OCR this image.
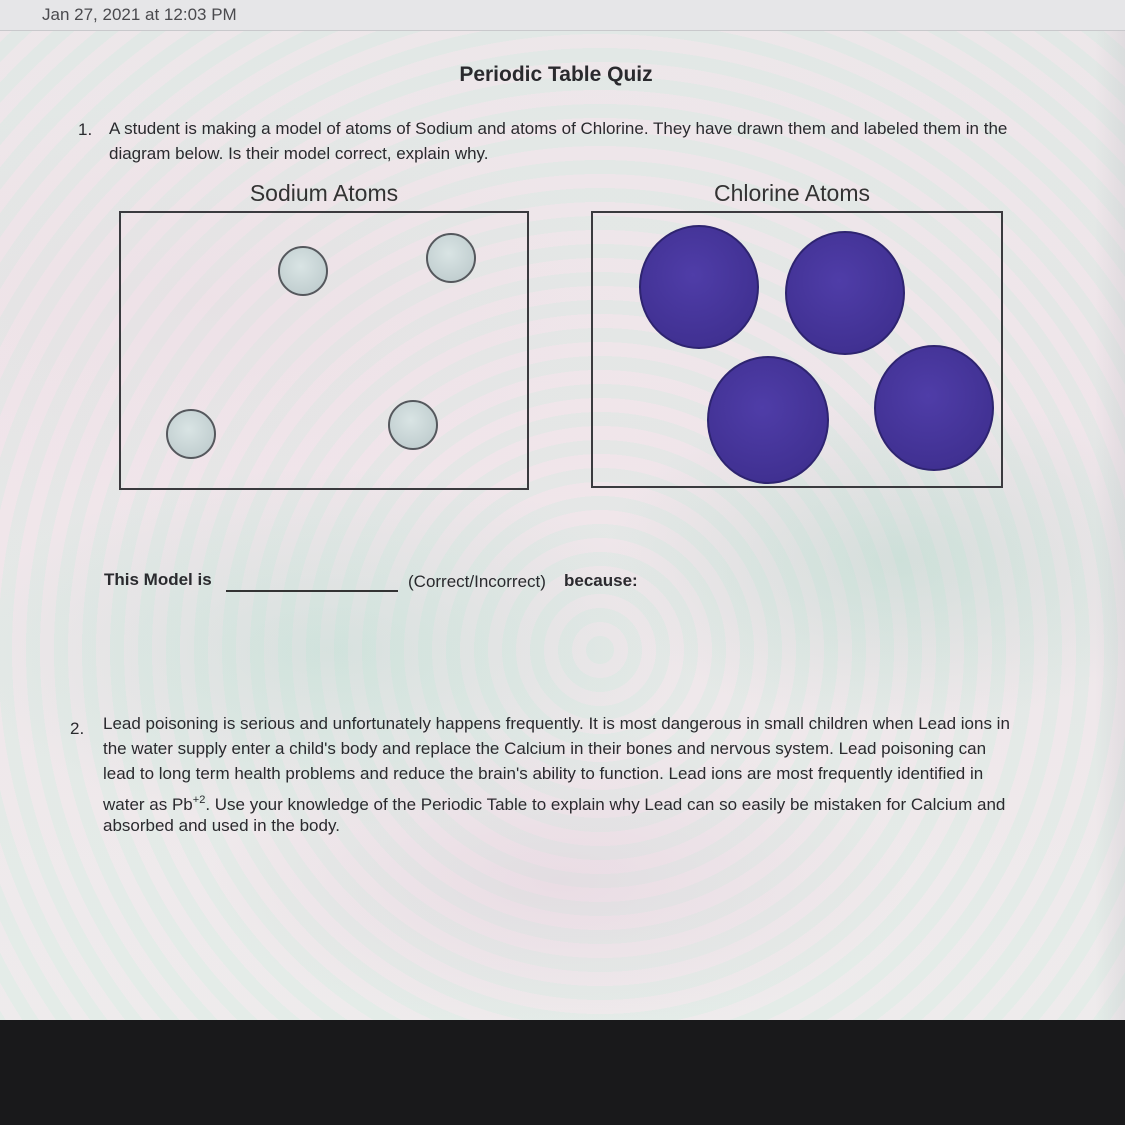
Jan 27, 2021 at 12:03 PM
Periodic Table Quiz
1. A student is making a model of atoms of Sodium and atoms of Chlorine. They have drawn them and labeled them in the
diagram below. Is their model correct, explain why.
Sodium Atoms	Chlorine Atoms
This Model is	(Correct/Incorrect) because:
2. Lead poisoning is serious and unfortunately happens frequently. It is most dangerous in small children when Lead ions in
the water supply enter a child's body and replace the Calcium in their bones and nervous system. Lead poisoning can
lead to long term health problems and reduce the brain's ability to function. Lead ions are most frequently identified in
water as $Pb^{+2}$. Use your knowledge of the Periodic Table to explain why Lead can so easily be mistaken for Calcium and
absorbed and used in the body.
